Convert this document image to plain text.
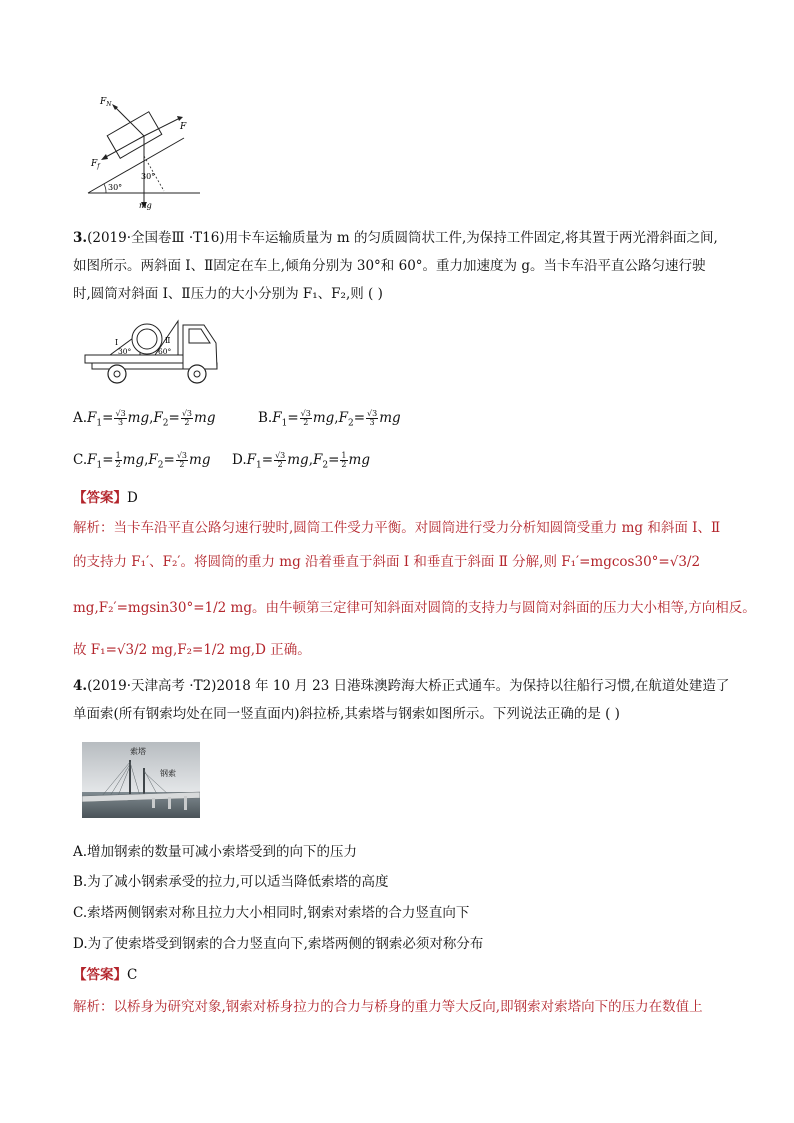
$F_N$
F
$F_f$
30°
30°
mg
3.(2019·全国卷Ⅲ ·T16)用卡车运输质量为 m 的匀质圆筒状工件,为保持工件固定,将其置于两光滑斜面之间,
如图所示。两斜面 Ⅰ、Ⅱ固定在车上,倾角分别为 30°和 60°。重力加速度为 g。当卡车沿平直公路匀速行驶
时,圆筒对斜面 Ⅰ、Ⅱ压力的大小分别为 F₁、F₂,则 ( )
Ⅰ
30°
Ⅱ
60°
$A.F_1= \frac{√3}{3} mg,F_2= \frac{√3}{2}$ mg	$B.F_1= \frac{√3}{2} mg,F_2= \frac{√3}{3}$ mg
$C.F_1= \frac{1}{2} mg,F_2= \frac{√3}{2}$ mg $D.F_1= \frac{√3}{2} mg,F_2= \frac{1}{2}$ mg
【答案】D
解析：当卡车沿平直公路匀速行驶时,圆筒工件受力平衡。对圆筒进行受力分析知圆筒受重力 mg 和斜面 Ⅰ、Ⅱ
的支持力 F₁′、F₂′。将圆筒的重力 mg 沿着垂直于斜面 Ⅰ 和垂直于斜面 Ⅱ 分解,则 F₁′=mgcos30°=√3/2
mg,F₂′=mgsin30°=1/2 mg。由牛顿第三定律可知斜面对圆筒的支持力与圆筒对斜面的压力大小相等,方向相反。
故 F₁=√3/2 mg,F₂=1/2 mg,D 正确。
4.(2019·天津高考 ·T2)2018 年 10 月 23 日港珠澳跨海大桥正式通车。为保持以往船行习惯,在航道处建造了
单面索(所有钢索均处在同一竖直面内)斜拉桥,其索塔与钢索如图所示。下列说法正确的是 ( )
索塔
钢索
A.增加钢索的数量可减小索塔受到的向下的压力
B.为了减小钢索承受的拉力,可以适当降低索塔的高度
C.索塔两侧钢索对称且拉力大小相同时,钢索对索塔的合力竖直向下
D.为了使索塔受到钢索的合力竖直向下,索塔两侧的钢索必须对称分布
【答案】C
解析：以桥身为研究对象,钢索对桥身拉力的合力与桥身的重力等大反向,即钢索对索塔向下的压力在数值上
